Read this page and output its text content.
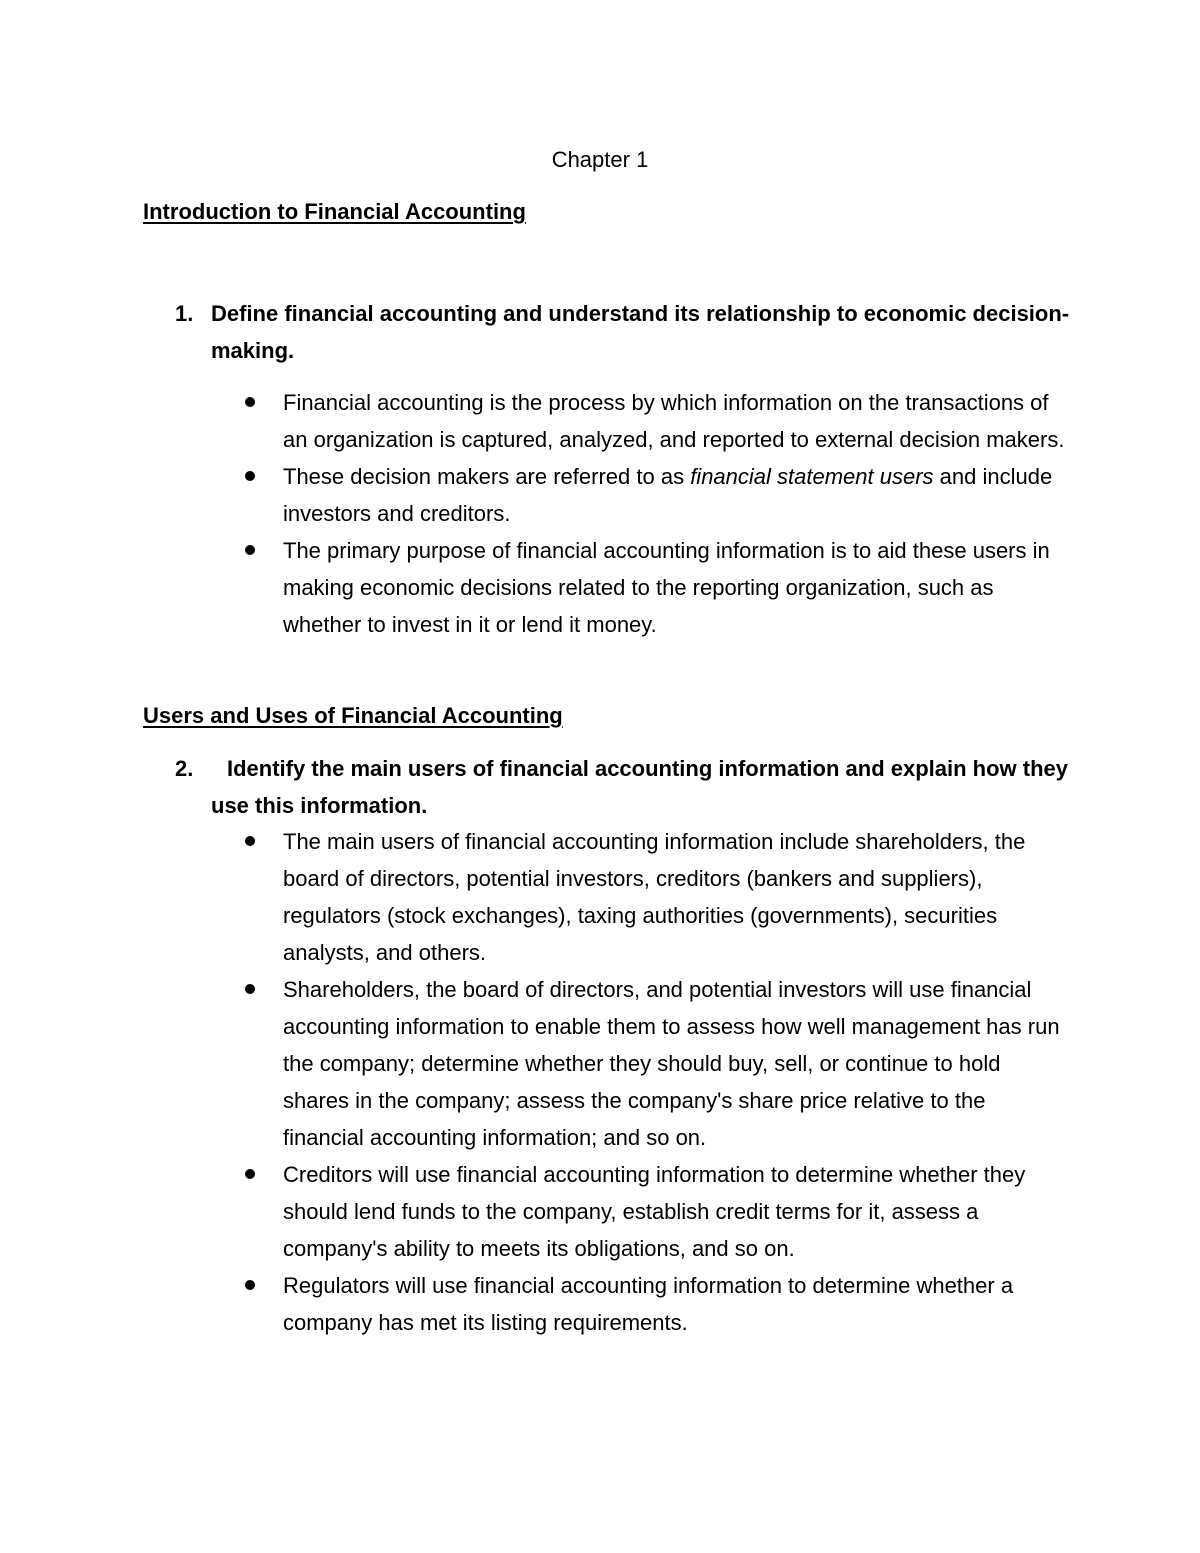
Chapter 1
Introduction to Financial Accounting
1. Define financial accounting and understand its relationship to economic decision-making.
Financial accounting is the process by which information on the transactions of an organization is captured, analyzed, and reported to external decision makers.
These decision makers are referred to as financial statement users and include investors and creditors.
The primary purpose of financial accounting information is to aid these users in making economic decisions related to the reporting organization, such as whether to invest in it or lend it money.
Users and Uses of Financial Accounting
2.	Identify the main users of financial accounting information and explain how they use this information.
The main users of financial accounting information include shareholders, the board of directors, potential investors, creditors (bankers and suppliers), regulators (stock exchanges), taxing authorities (governments), securities analysts, and others.
Shareholders, the board of directors, and potential investors will use financial accounting information to enable them to assess how well management has run the company; determine whether they should buy, sell, or continue to hold shares in the company; assess the company's share price relative to the financial accounting information; and so on.
Creditors will use financial accounting information to determine whether they should lend funds to the company, establish credit terms for it, assess a company's ability to meets its obligations, and so on.
Regulators will use financial accounting information to determine whether a company has met its listing requirements.
